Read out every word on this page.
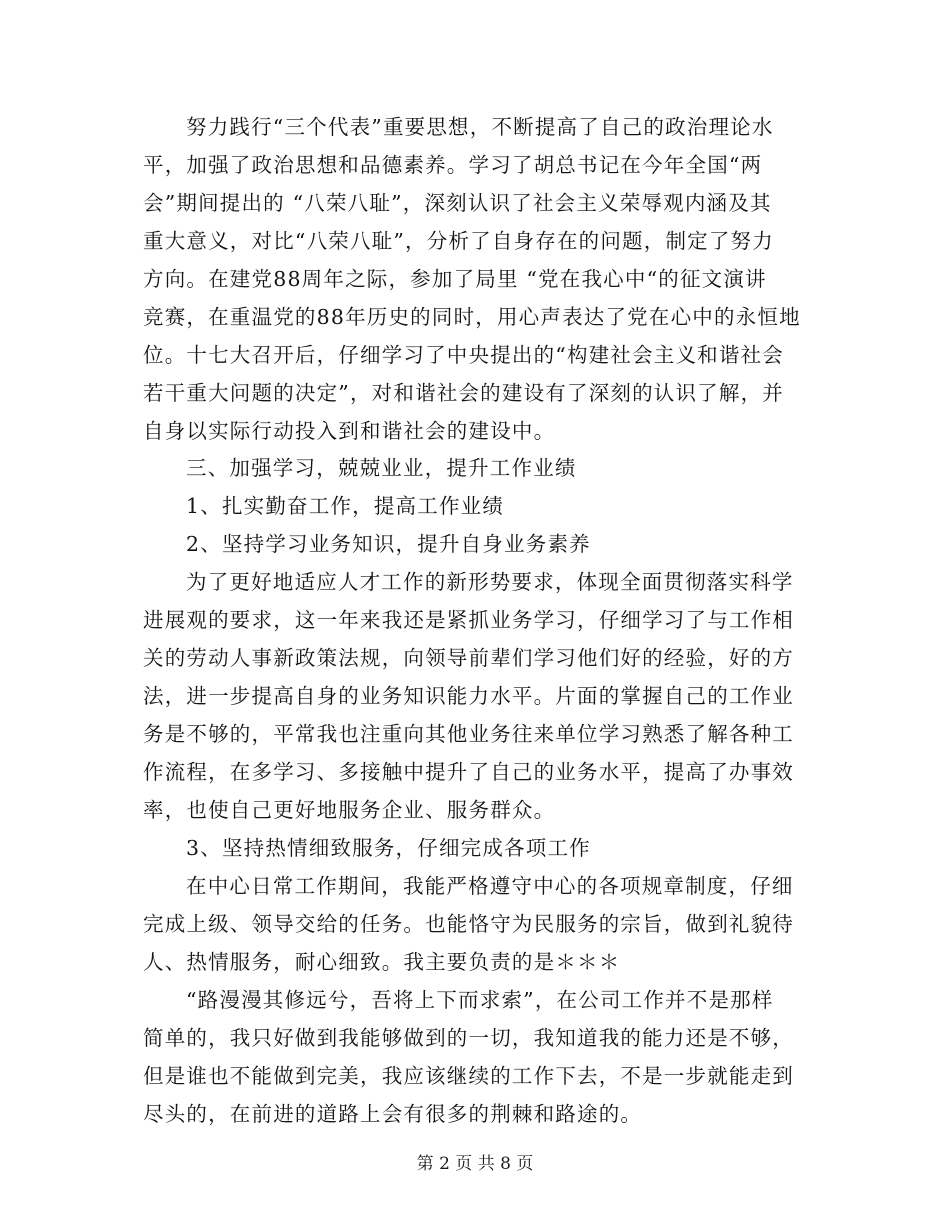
努力践行“三个代表”重要思想，不断提高了自己的政治理论水
平，加强了政治思想和品德素养。学习了胡总书记在今年全国“两
会”期间提出的 “八荣八耻”，深刻认识了社会主义荣辱观内涵及其
重大意义，对比“八荣八耻”，分析了自身存在的问题，制定了努力
方向。在建党88周年之际，参加了局里 “党在我心中“的征文演讲
竞赛，在重温党的88年历史的同时，用心声表达了党在心中的永恒地
位。十七大召开后，仔细学习了中央提出的“构建社会主义和谐社会
若干重大问题的决定”，对和谐社会的建设有了深刻的认识了解，并
自身以实际行动投入到和谐社会的建设中。
三、加强学习，兢兢业业，提升工作业绩
1、扎实勤奋工作，提高工作业绩
2、坚持学习业务知识，提升自身业务素养
为了更好地适应人才工作的新形势要求，体现全面贯彻落实科学
进展观的要求，这一年来我还是紧抓业务学习，仔细学习了与工作相
关的劳动人事新政策法规，向领导前辈们学习他们好的经验，好的方
法，进一步提高自身的业务知识能力水平。片面的掌握自己的工作业
务是不够的，平常我也注重向其他业务往来单位学习熟悉了解各种工
作流程，在多学习、多接触中提升了自己的业务水平，提高了办事效
率，也使自己更好地服务企业、服务群众。
3、坚持热情细致服务，仔细完成各项工作
在中心日常工作期间，我能严格遵守中心的各项规章制度，仔细
完成上级、领导交给的任务。也能恪守为民服务的宗旨，做到礼貌待
人、热情服务，耐心细致。我主要负责的是＊＊＊
“路漫漫其修远兮，吾将上下而求索”，在公司工作并不是那样
简单的，我只好做到我能够做到的一切，我知道我的能力还是不够，
但是谁也不能做到完美，我应该继续的工作下去，不是一步就能走到
尽头的，在前进的道路上会有很多的荆棘和路途的。
第 2 页 共 8 页
